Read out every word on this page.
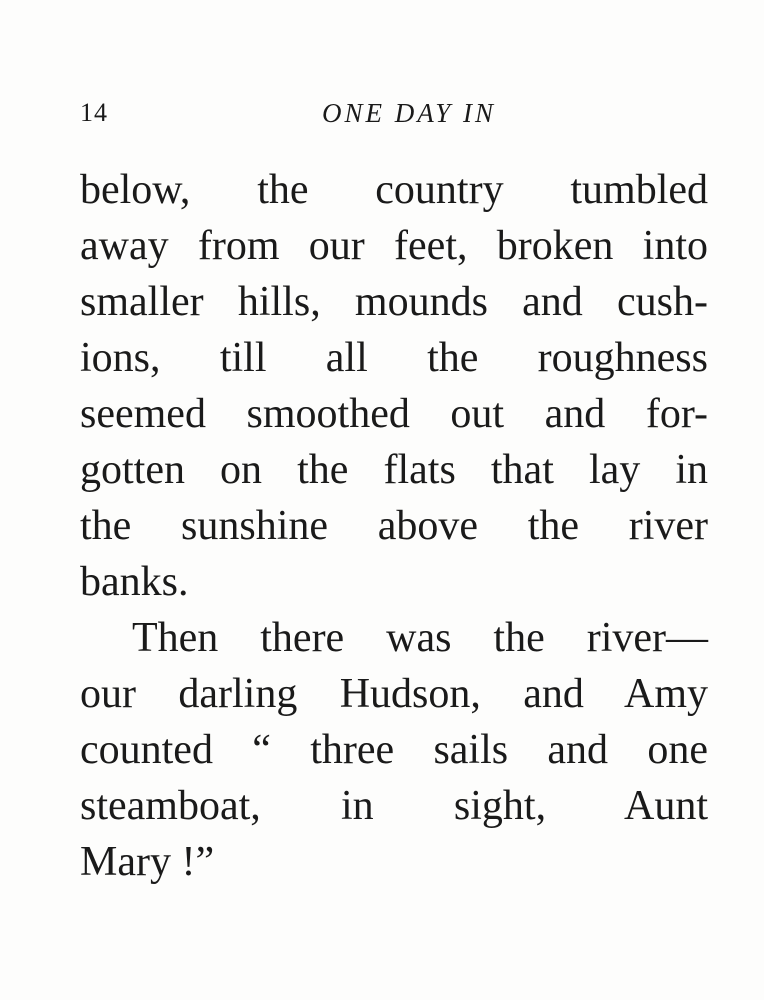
14	ONE DAY IN
below, the country tumbled
away from our feet, broken into
smaller hills, mounds and cush-
ions, till all the roughness
seemed smoothed out and for-
gotten on the flats that lay in
the sunshine above the river
banks.
Then there was the river—
our darling Hudson, and Amy
counted “ three sails and one
steamboat, in sight, Aunt
Mary !”
